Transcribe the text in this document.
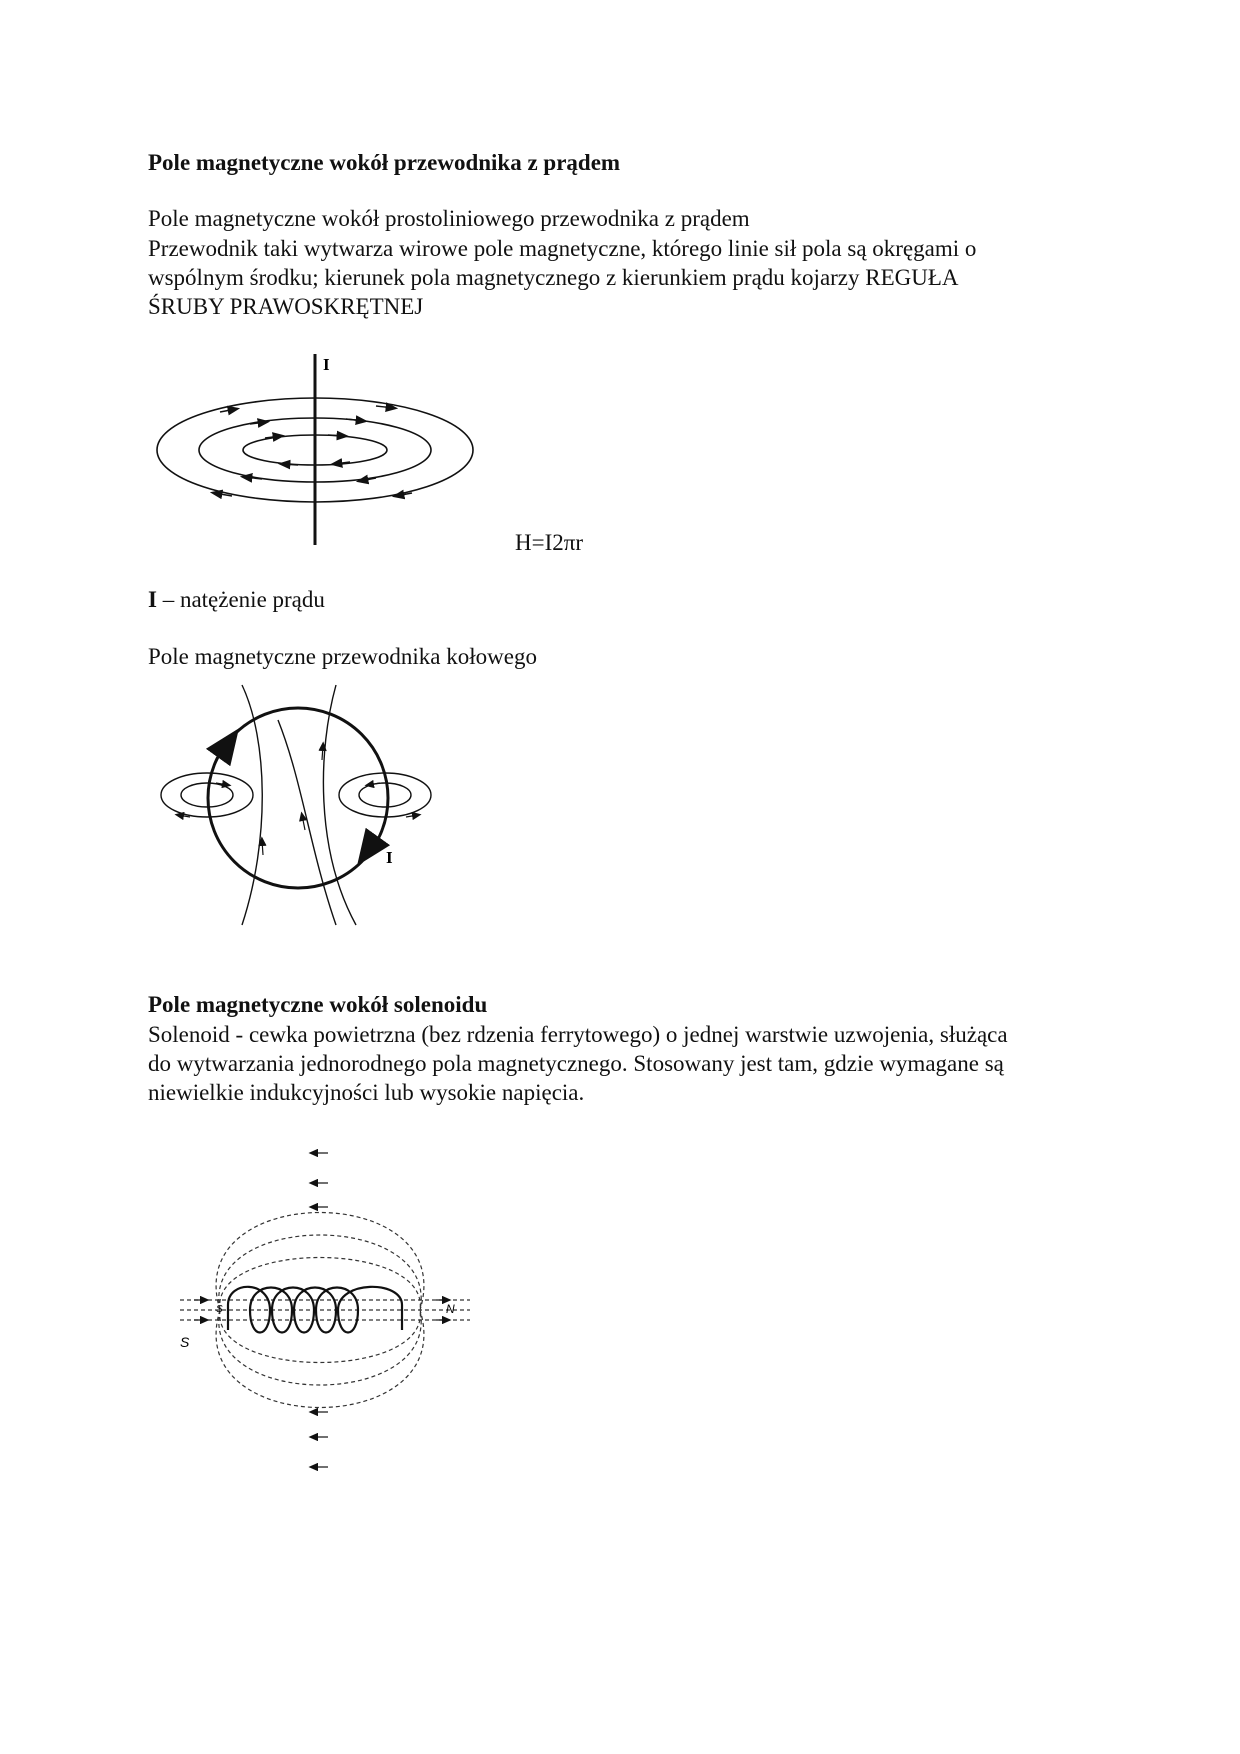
Pole magnetyczne wokół przewodnika z prądem

Pole magnetyczne wokół prostoliniowego przewodnika z prądem

Przewodnik taki wytwarza wirowe pole magnetyczne, którego linie sił pola są okręgami o

wspólnym środku; kierunek pola magnetycznego z kierunkiem prądu kojarzy REGUŁA

ŚRUBY PRAWOSKRĘTNEJ

I

H=I2πr

I – natężenie prądu

Pole magnetyczne przewodnika kołowego

I
Pole magnetyczne wokół solenoidu

Solenoid - cewka powietrzna (bez rdzenia ferrytowego) o jednej warstwie uzwojenia, służąca

do wytwarzania jednorodnego pola magnetycznego. Stosowany jest tam, gdzie wymagane są

niewielkie indukcyjności lub wysokie napięcia.

S
S	N
